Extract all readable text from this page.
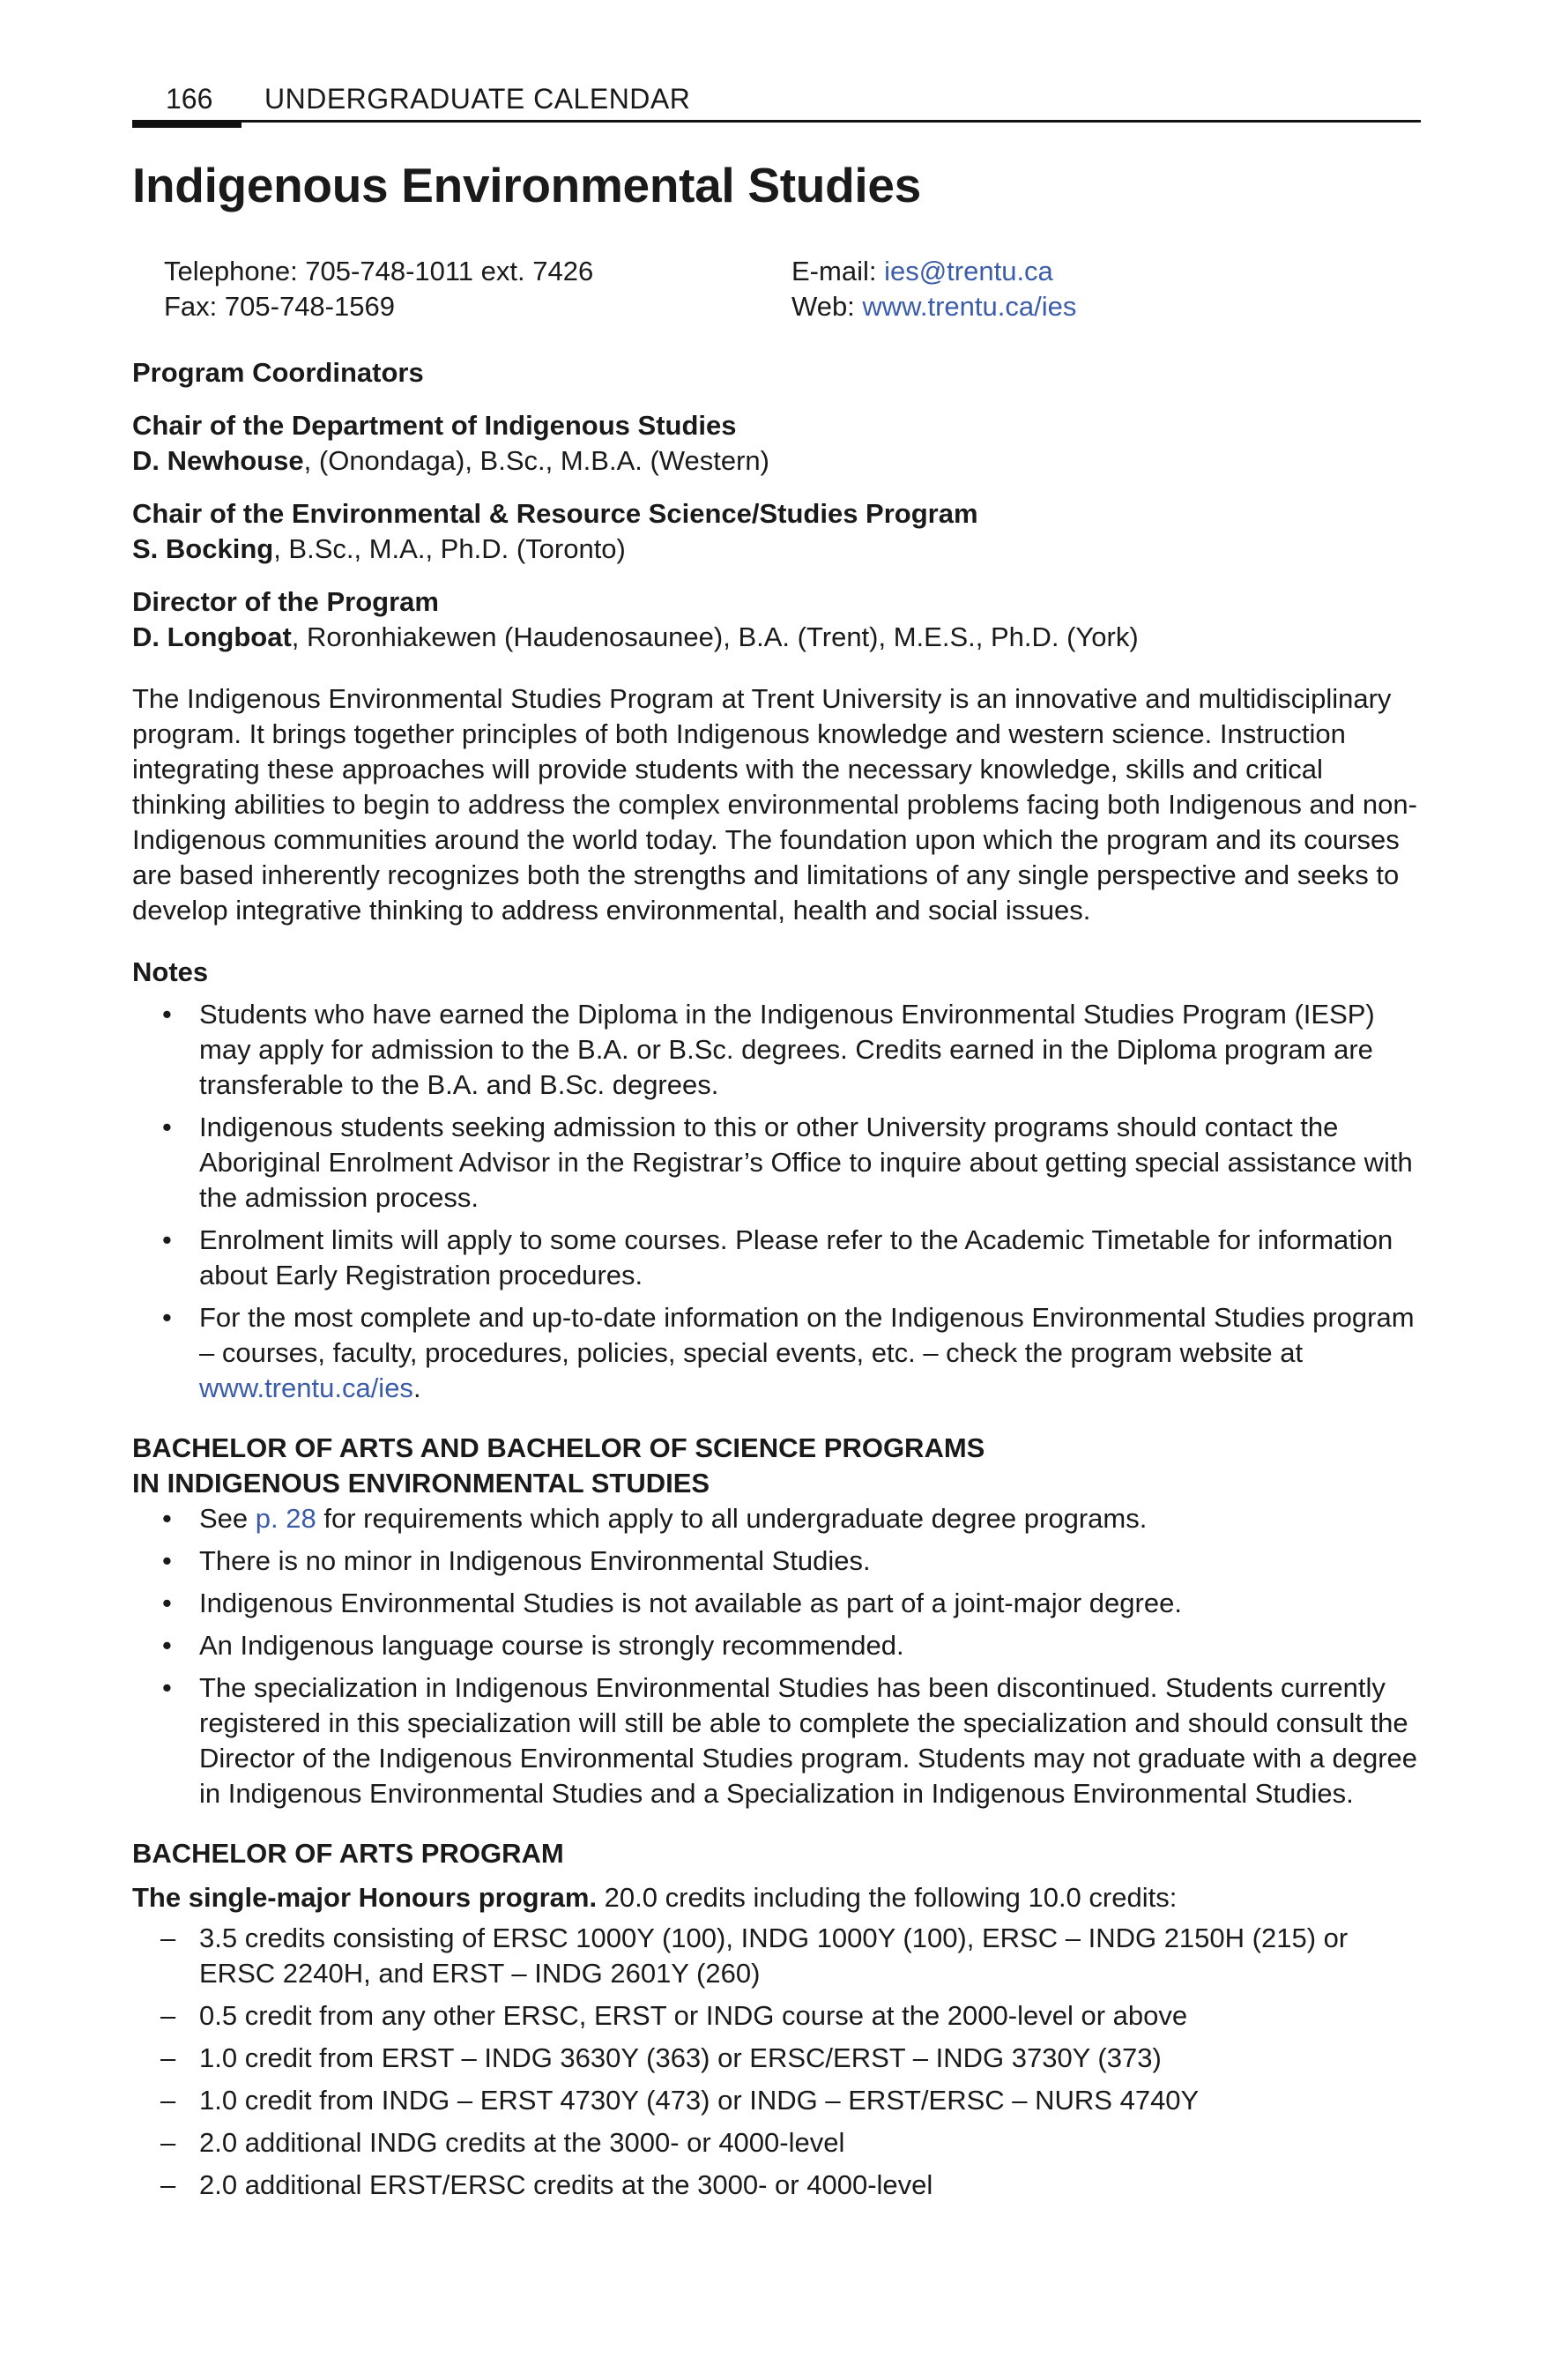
166 UNDERGRADUATE CALENDAR
Indigenous Environmental Studies
Telephone: 705-748-1011 ext. 7426
Fax: 705-748-1569
E-mail: ies@trentu.ca
Web: www.trentu.ca/ies

Program Coordinators

Chair of the Department of Indigenous Studies

D. Newhouse, (Onondaga), B.Sc., M.B.A. (Western)

Chair of the Environmental & Resource Science/Studies Program

S. Bocking, B.Sc., M.A., Ph.D. (Toronto)

Director of the Program

D. Longboat, Roronhiakewen (Haudenosaunee), B.A. (Trent), M.E.S., Ph.D. (York)

The Indigenous Environmental Studies Program at Trent University is an innovative and multidisciplinary program. It brings together principles of both Indigenous knowledge and western science. Instruction integrating these approaches will provide students with the necessary knowledge, skills and critical thinking abilities to begin to address the complex environmental problems facing both Indigenous and non-Indigenous communities around the world today. The foundation upon which the program and its courses are based inherently recognizes both the strengths and limitations of any single perspective and seeks to develop integrative thinking to address environmental, health and social issues.

Notes

• Students who have earned the Diploma in the Indigenous Environmental Studies Program (IESP) may apply for admission to the B.A. or B.Sc. degrees. Credits earned in the Diploma program are transferable to the B.A. and B.Sc. degrees.
• Indigenous students seeking admission to this or other University programs should contact the Aboriginal Enrolment Advisor in the Registrar’s Office to inquire about getting special assistance with the admission process.
• Enrolment limits will apply to some courses. Please refer to the Academic Timetable for information about Early Registration procedures.
• For the most complete and up-to-date information on the Indigenous Environmental Studies program – courses, faculty, procedures, policies, special events, etc. – check the program website at www.trentu.ca/ies.

BACHELOR OF ARTS AND BACHELOR OF SCIENCE PROGRAMS

IN INDIGENOUS ENVIRONMENTAL STUDIES

• See p. 28 for requirements which apply to all undergraduate degree programs.
• There is no minor in Indigenous Environmental Studies.
• Indigenous Environmental Studies is not available as part of a joint-major degree.
• An Indigenous language course is strongly recommended.
• The specialization in Indigenous Environmental Studies has been discontinued. Students currently registered in this specialization will still be able to complete the specialization and should consult the Director of the Indigenous Environmental Studies program. Students may not graduate with a degree in Indigenous Environmental Studies and a Specialization in Indigenous Environmental Studies.

BACHELOR OF ARTS PROGRAM

The single-major Honours program. 20.0 credits including the following 10.0 credits:

– 3.5 credits consisting of ERSC 1000Y (100), INDG 1000Y (100), ERSC – INDG 2150H (215) or ERSC 2240H, and ERST – INDG 2601Y (260)
– 0.5 credit from any other ERSC, ERST or INDG course at the 2000-level or above
– 1.0 credit from ERST – INDG 3630Y (363) or ERSC/ERST – INDG 3730Y (373)
– 1.0 credit from INDG – ERST 4730Y (473) or INDG – ERST/ERSC – NURS 4740Y
– 2.0 additional INDG credits at the 3000- or 4000-level
– 2.0 additional ERST/ERSC credits at the 3000- or 4000-level
